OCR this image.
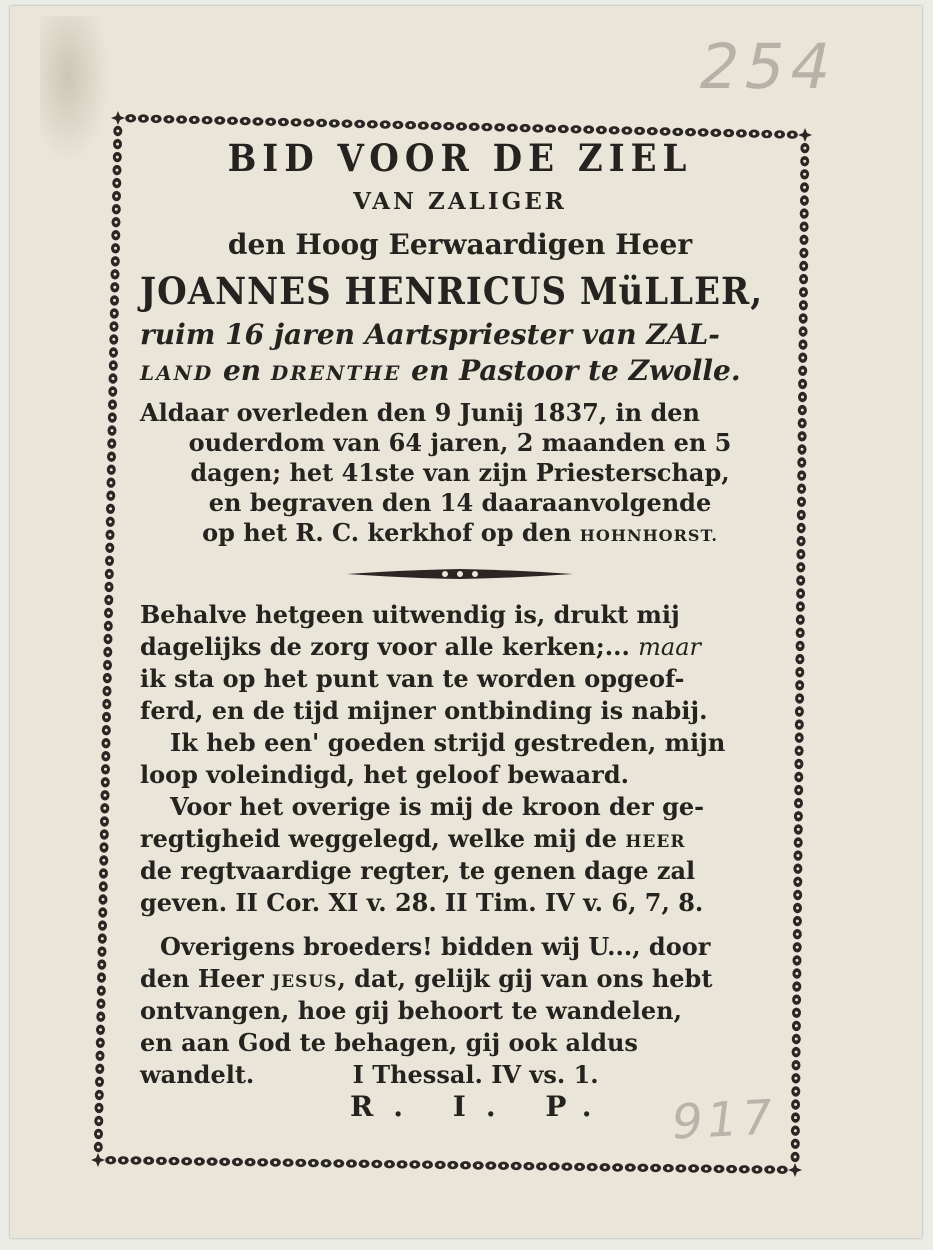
254
917
BID VOOR DE ZIEL
VAN ZALIGER
den Hoog Eerwaardigen Heer
JOANNES HENRICUS MüLLER,
ruim 16 jaren Aartspriester van ZAL-
LAND en DRENTHE en Pastoor te Zwolle.
Aldaar overleden den 9 Junij 1837, in den
ouderdom van 64 jaren, 2 maanden en 5
dagen; het 41ste van zijn Priesterschap,
en begraven den 14 daaraanvolgende
op het R. C. kerkhof op den HOHNHORST.
Behalve hetgeen uitwendig is, drukt mij
dagelijks de zorg voor alle kerken;... maar
ik sta op het punt van te worden opgeof-
ferd, en de tijd mijner ontbinding is nabij.
Ik heb een' goeden strijd gestreden, mijn
loop voleindigd, het geloof bewaard.
Voor het overige is mij de kroon der ge-
regtigheid weggelegd, welke mij de HEER
de regtvaardige regter, te genen dage zal
geven. II Cor. XI v. 28. II Tim. IV v. 6, 7, 8.
Overigens broeders! bidden wij U..., door
den Heer JESUS, dat, gelijk gij van ons hebt
ontvangen, hoe gij behoort te wandelen,
en aan God te behagen, gij ook aldus
wandelt.	I Thessal. IV vs. 1.
R. I. P.
